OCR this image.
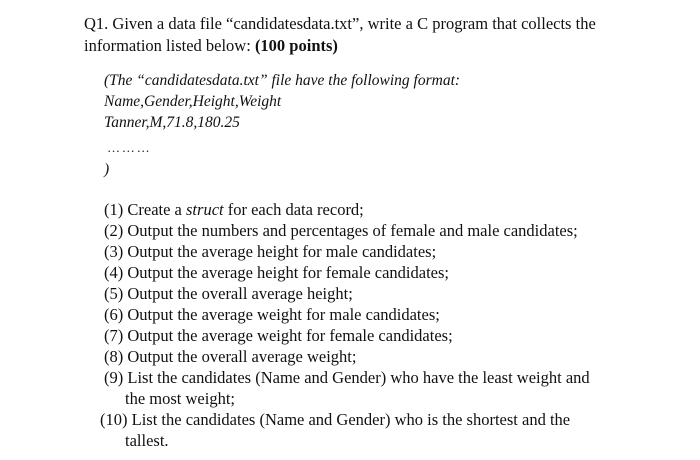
Q1. Given a data file “candidatesdata.txt”, write a C program that collects the
information listed below: (100 points)
(The “candidatesdata.txt” file have the following format:
Name,Gender,Height,Weight
Tanner,M,71.8,180.25
… … …
)
(1) Create a struct for each data record;
(2) Output the numbers and percentages of female and male candidates;
(3) Output the average height for male candidates;
(4) Output the average height for female candidates;
(5) Output the overall average height;
(6) Output the average weight for male candidates;
(7) Output the average weight for female candidates;
(8) Output the overall average weight;
(9) List the candidates (Name and Gender) who have the least weight and
the most weight;
(10) List the candidates (Name and Gender) who is the shortest and the
tallest.
